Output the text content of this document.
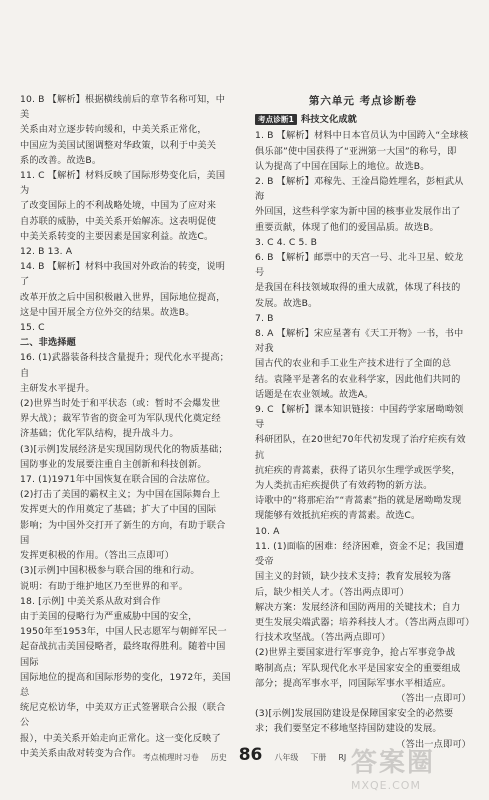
10. B 【解析】根据横线前后的章节名称可知，中美

关系由对立逐步转向缓和，中美关系正常化，

中国应为美国试图调整对华政策，以利于中美关

系的改善。故选B。

11. C 【解析】材料反映了国际形势变化后，美国为

了改变国际上的不利战略处境，中国为了应对来

自苏联的威胁，中美关系开始解冻。这表明促使

中美关系转变的主要因素是国家利益。故选C。

12. B 13. A

14. B 【解析】材料中我国对外政治的转变，说明了

改革开放之后中国积极融入世界，国际地位提高，

这是中国开展全方位外交的结果。故选B。

15. C

二、非选择题

16. (1)武器装备科技含量提升；现代化水平提高；自

主研发水平提升。

(2)世界当时处于和平状态（或：暂时不会爆发世

界大战）；裁军节省的资金可为军队现代化奠定经

济基础；优化军队结构，提升战斗力。

(3)[示例]发展经济是实现国防现代化的物质基础；

国防事业的发展要注重自主创新和科技创新。

17. (1)1971年中国恢复在联合国的合法席位。

(2)打击了美国的霸权主义；为中国在国际舞台上

发挥更大的作用奠定了基础；扩大了中国的国际

影响；为中国外交打开了新生的方向，有助于联合国

发挥更积极的作用。（答出三点即可）

(3)[示例]中国积极参与联合国的维和行动。

说明：有助于维护地区乃至世界的和平。

18. [示例] 中美关系从敌对到合作

由于美国的侵略行为严重威胁中国的安全，

1950年至1953年，中国人民志愿军与朝鲜军民一

起奋战抗击美国侵略者，最终取得胜利。随着中国国际

国际地位的提高和国际形势的变化，1972年，美国总

统尼克松访华，中美双方正式签署联合公报（联合公

报），中美关系开始走向正常化。这一变化反映了

中美关系由敌对转变为合作。

第六单元 考点诊断卷
考点诊断1 科技文化成就

1. B 【解析】材料中日本官员认为中国跨入“全球核

俱乐部”使中国获得了“亚洲第一大国”的称号，即

认为提高了中国在国际上的地位。故选B。

2. B 【解析】邓稼先、王淦昌隐姓埋名，彭桓武从海

外回国，这些科学家为新中国的核事业发展作出了

重要贡献，体现了他们的爱国品质。故选B。

3. C 4. C 5. B

6. B 【解析】邮票中的天宫一号、北斗卫星、蛟龙号

是我国在科技领域取得的重大成就，体现了科技的

发展。故选B。

7. B

8. A 【解析】宋应星著有《天工开物》一书，书中对我

国古代的农业和手工业生产技术进行了全面的总

结。袁隆平是著名的农业科学家，因此他们共同的

话题是在农业领域。故选A。

9. C 【解析】课本知识链接：中国药学家屠呦呦领导

科研团队，在20世纪70年代初发现了治疗疟疾有效抗

抗疟疾的青蒿素，获得了诺贝尔生理学或医学奖，

为人类抗击疟疾提供了有效药物的新方法。

诗歌中的“将那疟治”“青蒿素”指的就是屠呦呦发现

现能够有效抵抗疟疾的青蒿素。故选C。

10. A

11. (1)面临的困难：经济困难，资金不足；我国遭受帝

国主义的封锁，缺少技术支持；教育发展较为落

后，缺少相关人才。（答出两点即可）

解决方案：发展经济和国防两用的关键技术；自力

更生发展尖端武器；培养科技人才。（答出两点即可）

行技术攻坚战。（答出两点即可）

(2)世界主要国家进行军事竞争，抢占军事竞争战

略制高点；军队现代化水平是国家安全的重要组成

部分；提高军事水平，同国际军事水平相适应。

（答出一点即可）

(3)[示例]发展国防建设是保障国家安全的必然要

求；我们要坚定不移地坚持国防建设的发展。

（答出一点即可）

考点梳理时习卷 历史 86 八年级 下册 RJ 答案圈
MXQE.COM
